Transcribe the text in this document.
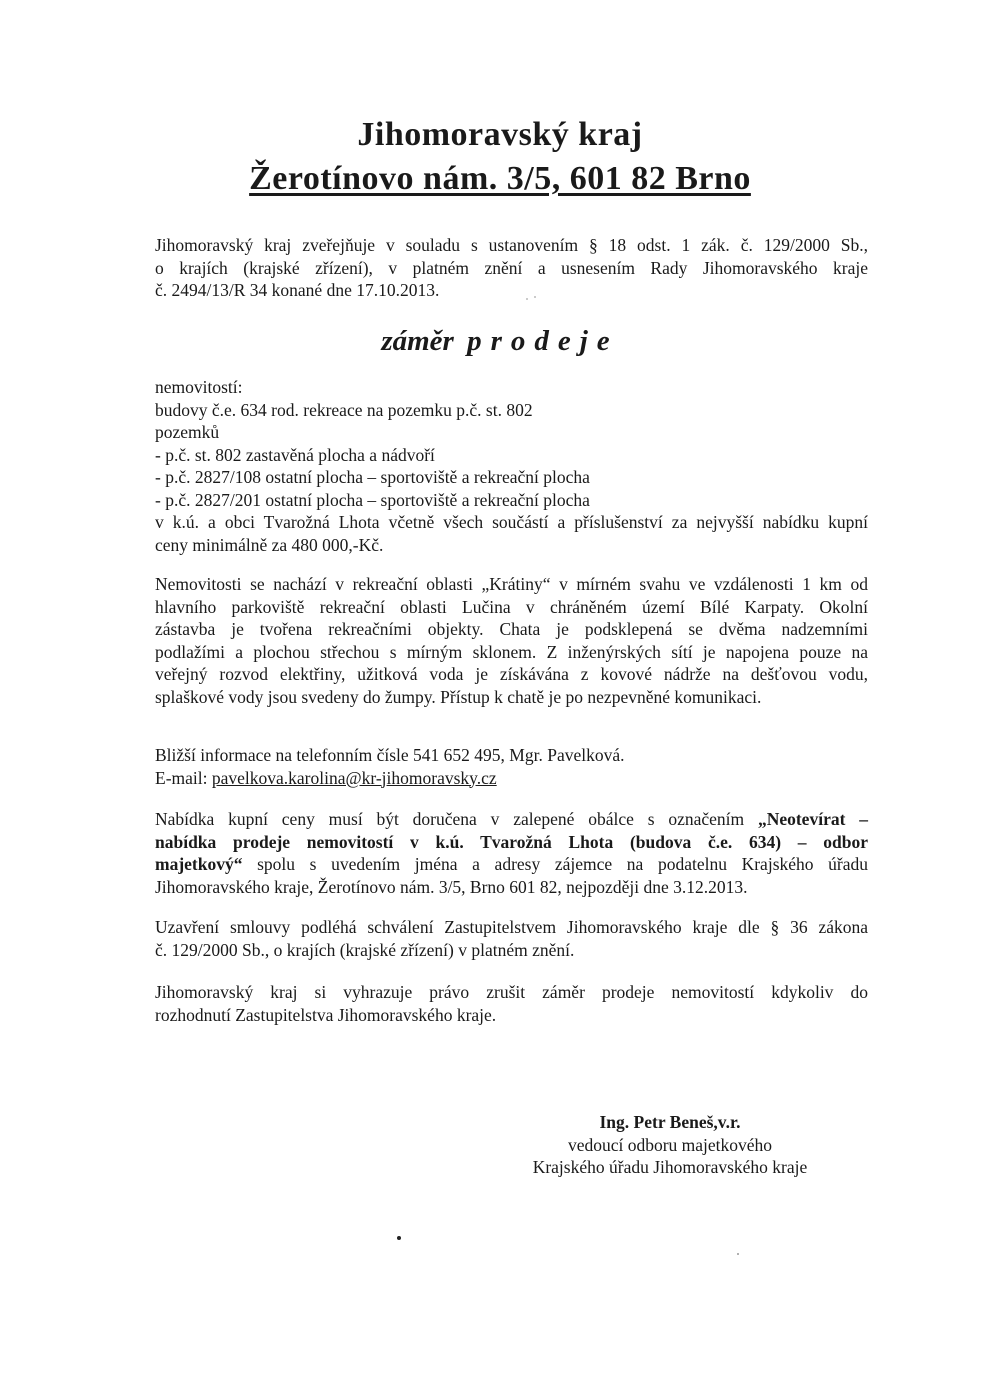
Jihomoravský kraj
Žerotínovo nám. 3/5, 601 82 Brno
Jihomoravský kraj zveřejňuje v souladu s ustanovením § 18 odst. 1 zák. č. 129/2000 Sb.,
o krajích (krajské zřízení), v platném znění a usnesením Rady Jihomoravského kraje
č. 2494/13/R 34 konané dne 17.10.2013.
záměr prodeje
nemovitostí:
budovy č.e. 634 rod. rekreace na pozemku p.č. st. 802
pozemků
- p.č. st. 802 zastavěná plocha a nádvoří
- p.č. 2827/108 ostatní plocha – sportoviště a rekreační plocha
- p.č. 2827/201 ostatní plocha – sportoviště a rekreační plocha
v k.ú. a obci Tvarožná Lhota včetně všech součástí a příslušenství za nejvyšší nabídku kupní
ceny minimálně za 480 000,-Kč.
Nemovitosti se nachází v rekreační oblasti „Krátiny“ v mírném svahu ve vzdálenosti 1 km od
hlavního parkoviště rekreační oblasti Lučina v chráněném území Bílé Karpaty. Okolní
zástavba je tvořena rekreačními objekty. Chata je podsklepená se dvěma nadzemními
podlažími a plochou střechou s mírným sklonem. Z inženýrských sítí je napojena pouze na
veřejný rozvod elektřiny, užitková voda je získávána z kovové nádrže na dešťovou vodu,
splaškové vody jsou svedeny do žumpy. Přístup k chatě je po nezpevněné komunikaci.
Bližší informace na telefonním čísle 541 652 495, Mgr. Pavelková.
E-mail: pavelkova.karolina@kr-jihomoravsky.cz
Nabídka kupní ceny musí být doručena v zalepené obálce s označením „Neotevírat –
nabídka prodeje nemovitostí v k.ú. Tvarožná Lhota (budova č.e. 634) – odbor
majetkový“ spolu s uvedením jména a adresy zájemce na podatelnu Krajského úřadu
Jihomoravského kraje, Žerotínovo nám. 3/5, Brno 601 82, nejpozději dne 3.12.2013.
Uzavření smlouvy podléhá schválení Zastupitelstvem Jihomoravského kraje dle § 36 zákona
č. 129/2000 Sb., o krajích (krajské zřízení) v platném znění.
Jihomoravský kraj si vyhrazuje právo zrušit záměr prodeje nemovitostí kdykoliv do
rozhodnutí Zastupitelstva Jihomoravského kraje.
Ing. Petr Beneš,v.r.
vedoucí odboru majetkového
Krajského úřadu Jihomoravského kraje
